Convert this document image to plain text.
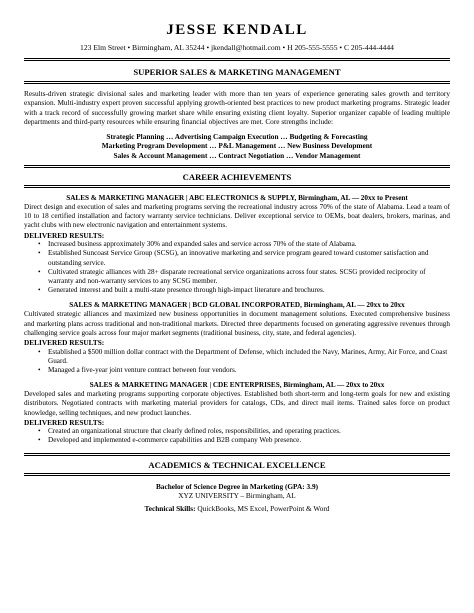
JESSE KENDALL
123 Elm Street • Birmingham, AL 35244 • jkendall@hotmail.com • H 205-555-5555 • C 205-444-4444
SUPERIOR SALES & MARKETING MANAGEMENT

Results-driven strategic divisional sales and marketing leader with more than ten years of experience generating sales growth and territory expansion. Multi-industry expert proven successful applying growth-oriented best practices to new product marketing programs. Strategic leader with a track record of successfully growing market share while ensuring existing client loyalty. Superior organizer capable of leading multiple departments and third-party resources while ensuring financial objectives are met. Core strengths include:

Strategic Planning … Advertising Campaign Execution … Budgeting & Forecasting
Marketing Program Development … P&L Management … New Business Development
Sales & Account Management … Contract Negotiation … Vendor Management
CAREER ACHIEVEMENTS
SALES & MARKETING MANAGER | ABC ELECTRONICS & SUPPLY, Birmingham, AL — 20xx to Present

Direct design and execution of sales and marketing programs serving the recreational industry across 70% of the state of Alabama. Lead a team of 10 to 18 certified installation and factory warranty service technicians. Deliver exceptional service to OEMs, boat dealers, brokers, marinas, and yacht clubs with new electronic navigation and entertainment systems.

DELIVERED RESULTS:
• Increased business approximately 30% and expanded sales and service across 70% of the state of Alabama.
• Established Suncoast Service Group (SCSG), an innovative marketing and service program geared toward customer satisfaction and outstanding service.
• Cultivated strategic alliances with 28+ disparate recreational service organizations across four states. SCSG provided reciprocity of warranty and non-warranty services to any SCSG member.
• Generated interest and built a multi-state presence through high-impact literature and brochures.
SALES & MARKETING MANAGER | BCD GLOBAL INCORPORATED, Birmingham, AL — 20xx to 20xx

Cultivated strategic alliances and maximized new business opportunities in document management solutions. Executed comprehensive business and marketing plans across traditional and non-traditional markets. Directed three departments focused on generating aggressive revenues through challenging service goals across four major market segments (traditional business, city, state, and federal agencies).

DELIVERED RESULTS:
• Established a $500 million dollar contract with the Department of Defense, which included the Navy, Marines, Army, Air Force, and Coast Guard.
• Managed a five-year joint venture contract between four vendors.
SALES & MARKETING MANAGER | CDE ENTERPRISES, Birmingham, AL — 20xx to 20xx

Developed sales and marketing programs supporting corporate objectives. Established both short-term and long-term goals for new and existing distributors. Negotiated contracts with marketing material providers for catalogs, CDs, and direct mail items. Trained sales force on product knowledge, selling techniques, and new product launches.

DELIVERED RESULTS:
• Created an organizational structure that clearly defined roles, responsibilities, and operating practices.
• Developed and implemented e-commerce capabilities and B2B company Web presence.
ACADEMICS & TECHNICAL EXCELLENCE
Bachelor of Science Degree in Marketing (GPA: 3.9)
XYZ UNIVERSITY – Birmingham, AL
Technical Skills: QuickBooks, MS Excel, PowerPoint & Word
